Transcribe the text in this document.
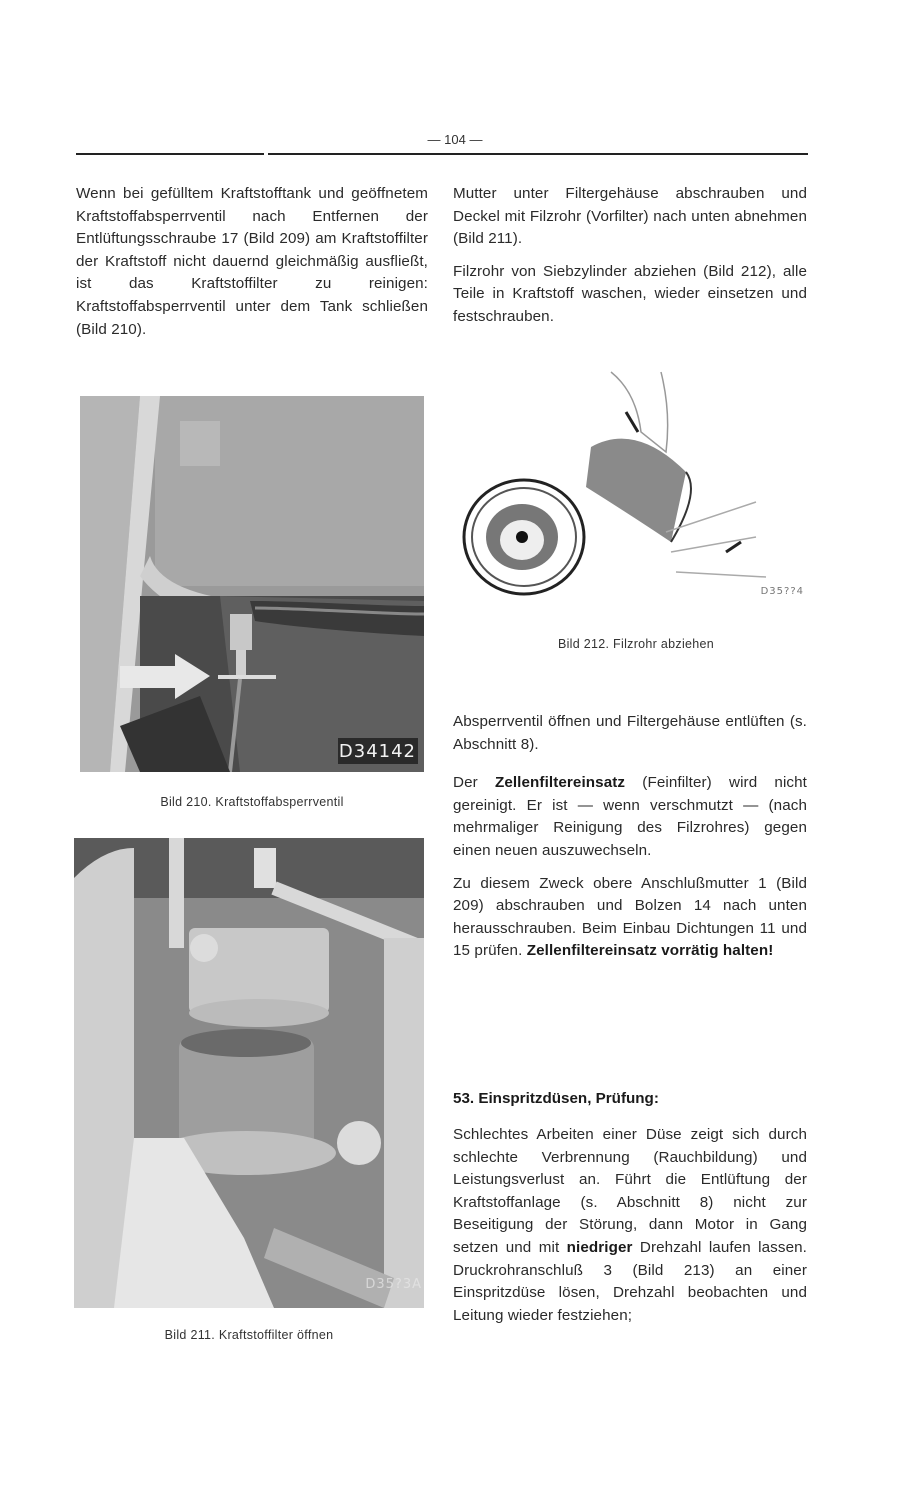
— 104 —

Wenn bei gefülltem Kraftstofftank und geöffnetem Kraftstoffabsperrventil nach Entfernen der Entlüftungsschraube 17 (Bild 209) am Kraftstoffilter der Kraftstoff nicht dauernd gleichmäßig ausfließt, ist das Kraftstoffilter zu reinigen: Kraftstoffabsperrventil unter dem Tank schließen (Bild 210).

D34142
Bild 210. Kraftstoffabsperrventil
D35?3A
Bild 211. Kraftstoffilter öffnen

Mutter unter Filtergehäuse abschrauben und Deckel mit Filzrohr (Vorfilter) nach unten abnehmen (Bild 211).

Filzrohr von Siebzylinder abziehen (Bild 212), alle Teile in Kraftstoff waschen, wieder einsetzen und festschrauben.

D35??4
Bild 212. Filzrohr abziehen

Absperrventil öffnen und Filtergehäuse entlüften (s. Abschnitt 8).

Der Zellenfiltereinsatz (Feinfilter) wird nicht gereinigt. Er ist — wenn verschmutzt — (nach mehrmaliger Reinigung des Filzrohres) gegen einen neuen auszuwechseln.

Zu diesem Zweck obere Anschlußmutter 1 (Bild 209) abschrauben und Bolzen 14 nach unten herausschrauben. Beim Einbau Dichtungen 11 und 15 prüfen. Zellenfiltereinsatz vorrätig halten!

53. Einspritzdüsen, Prüfung:

Schlechtes Arbeiten einer Düse zeigt sich durch schlechte Verbrennung (Rauchbildung) und Leistungsverlust an. Führt die Entlüftung der Kraftstoffanlage (s. Abschnitt 8) nicht zur Beseitigung der Störung, dann Motor in Gang setzen und mit niedriger Drehzahl laufen lassen. Druckrohranschluß 3 (Bild 213) an einer Einspritzdüse lösen, Drehzahl beobachten und Leitung wieder festziehen;
